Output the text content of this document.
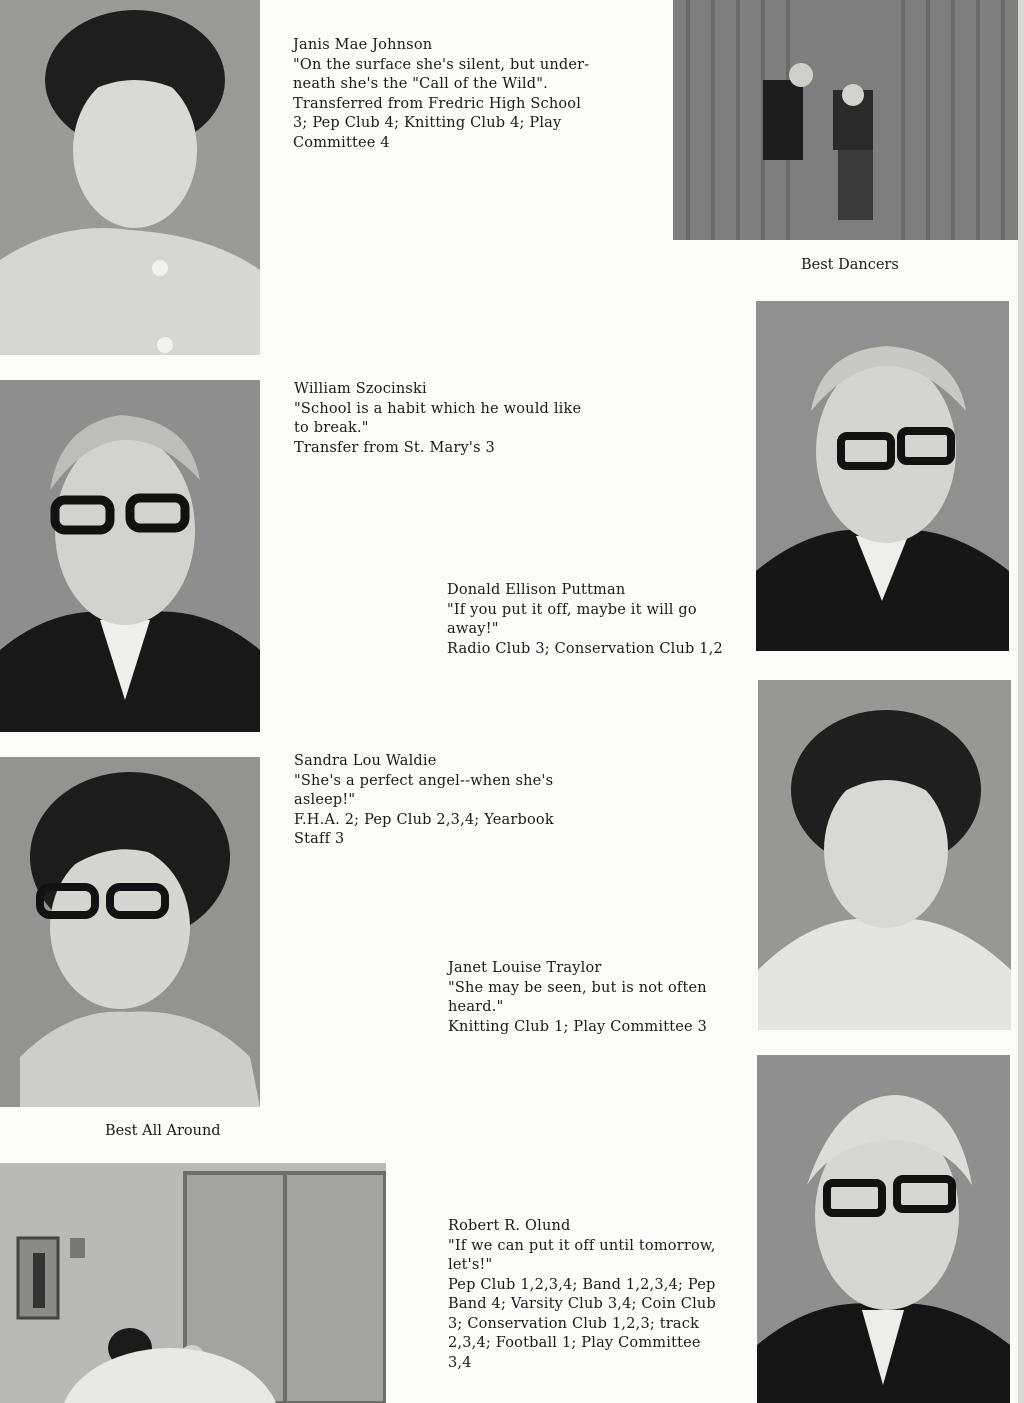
Best Dancers
Best All Around
Janis Mae Johnson
"On the surface she's silent, but under-
neath she's the "Call of the Wild".
Transferred from Fredric High School
3; Pep Club 4; Knitting Club 4; Play
Committee 4
William Szocinski
"School is a habit which he would like
to break."
Transfer from St. Mary's 3
Donald Ellison Puttman
"If you put it off, maybe it will go
away!"
Radio Club 3; Conservation Club 1,2
Sandra Lou Waldie
"She's a perfect angel--when she's
asleep!"
F.H.A. 2; Pep Club 2,3,4; Yearbook
Staff 3
Janet Louise Traylor
"She may be seen, but is not often
heard."
Knitting Club 1; Play Committee 3
Robert R. Olund
"If we can put it off until tomorrow,
let's!"
Pep Club 1,2,3,4; Band 1,2,3,4; Pep
Band 4; Varsity Club 3,4; Coin Club
3; Conservation Club 1,2,3; track
2,3,4; Football 1; Play Committee
3,4
